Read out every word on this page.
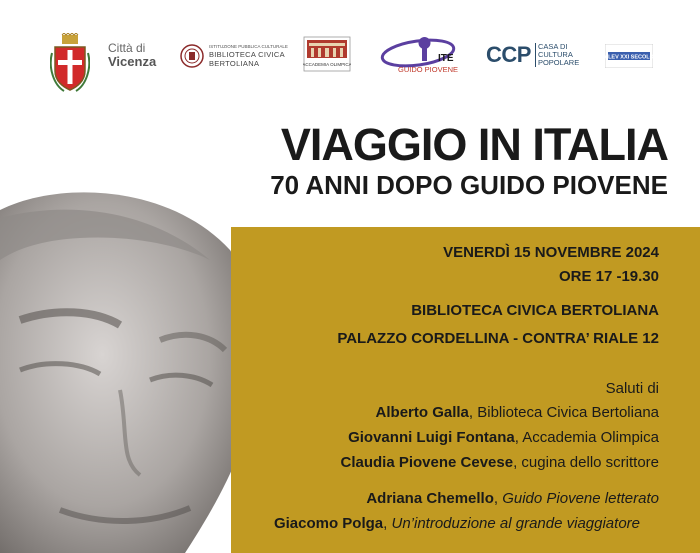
Città di
Vicenza
ISTITUZIONE PUBBLICA CULTURALE
BIBLIOTECA CIVICA
BERTOLIANA	ACCADEMIA OLIMPICA
ITE
GUIDO PIOVENE
CCP CASA DI
CULTURA
POPOLARE
ALEV XXI SECOLO
VIAGGIO IN ITALIA
70 ANNI DOPO GUIDO PIOVENE
VENERDÌ 15 NOVEMBRE 2024
ORE 17 -19.30
BIBLIOTECA CIVICA BERTOLIANA
PALAZZO CORDELLINA - CONTRA’ RIALE 12
Saluti di
Alberto Galla, Biblioteca Civica Bertoliana
Giovanni Luigi Fontana, Accademia Olimpica
Claudia Piovene Cevese, cugina dello scrittore
Adriana Chemello, Guido Piovene letterato
Giacomo Polga, Un’introduzione al grande viaggiatore
